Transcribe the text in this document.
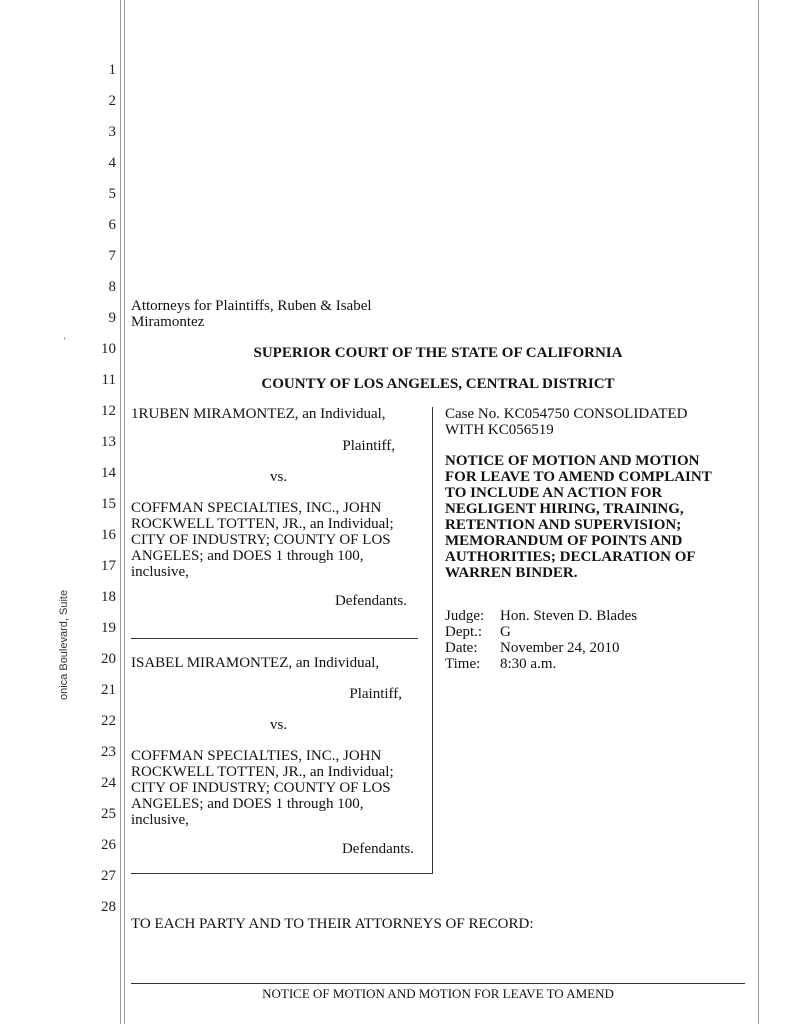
-
onica Boulevard, Suite
1
2
3
4
5
6
7
8
9
10
11
12
13
14
15
16
17
18
19
20
21
22
23
24
25
26
27
28
Attorneys for Plaintiffs, Ruben & Isabel
Miramontez
SUPERIOR COURT OF THE STATE OF CALIFORNIA
COUNTY OF LOS ANGELES, CENTRAL DISTRICT
1RUBEN MIRAMONTEZ, an Individual,
Plaintiff,
vs.
COFFMAN SPECIALTIES, INC., JOHN
ROCKWELL TOTTEN, JR., an Individual;
CITY OF INDUSTRY; COUNTY OF LOS
ANGELES; and DOES 1 through 100,
inclusive,
Defendants.
ISABEL MIRAMONTEZ, an Individual,
Plaintiff,
vs.
COFFMAN SPECIALTIES, INC., JOHN
ROCKWELL TOTTEN, JR., an Individual;
CITY OF INDUSTRY; COUNTY OF LOS
ANGELES; and DOES 1 through 100,
inclusive,
Defendants.
Case No. KC054750 CONSOLIDATED
WITH KC056519
NOTICE OF MOTION AND MOTION
FOR LEAVE TO AMEND COMPLAINT
TO INCLUDE AN ACTION FOR
NEGLIGENT HIRING, TRAINING,
RETENTION AND SUPERVISION;
MEMORANDUM OF POINTS AND
AUTHORITIES; DECLARATION OF
WARREN BINDER.
Judge: Hon. Steven D. Blades
Dept.: G
Date: November 24, 2010
Time: 8:30 a.m.
TO EACH PARTY AND TO THEIR ATTORNEYS OF RECORD:
NOTICE OF MOTION AND MOTION FOR LEAVE TO AMEND
